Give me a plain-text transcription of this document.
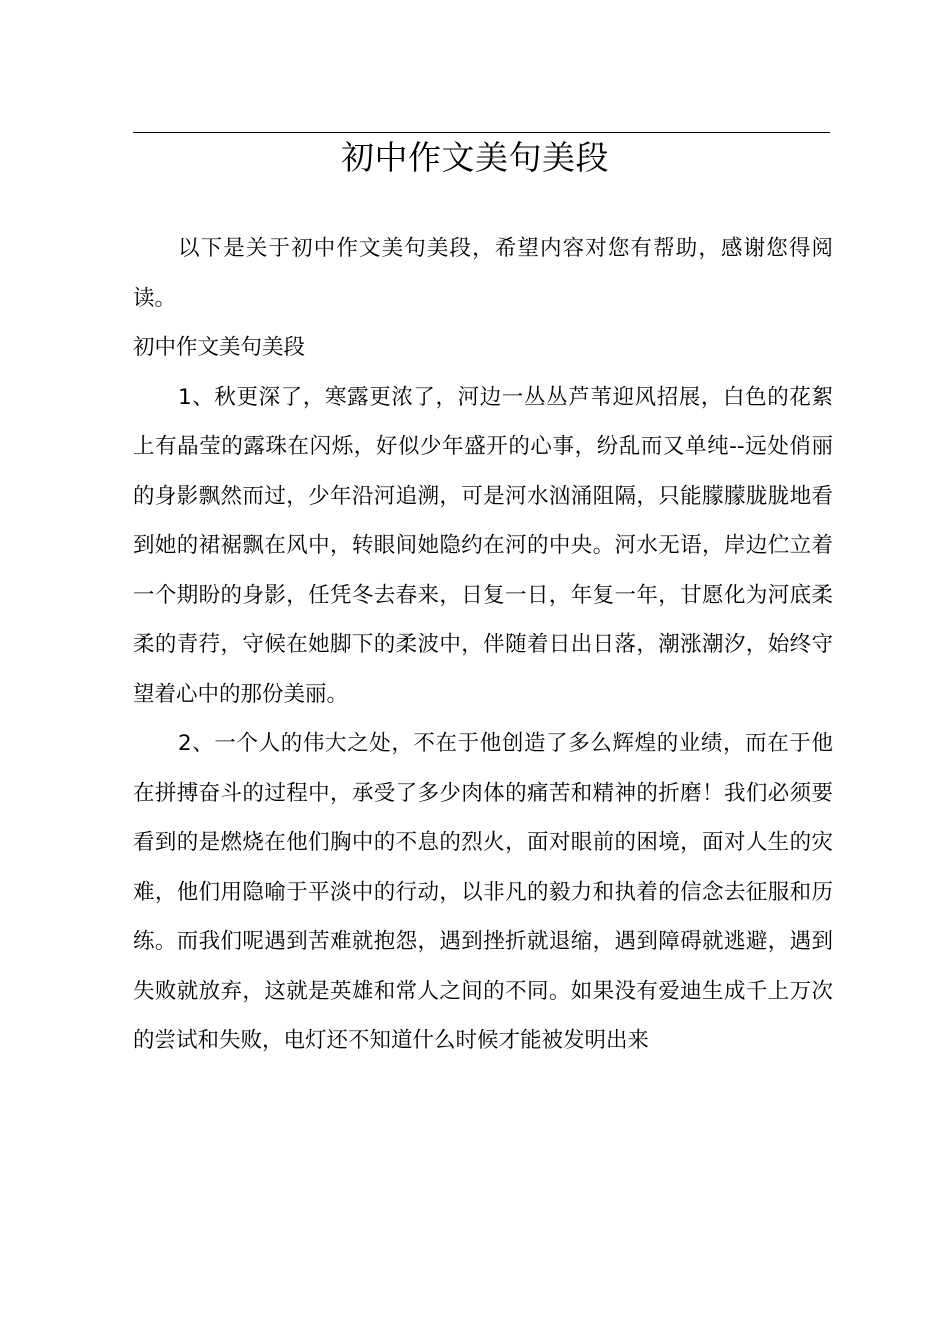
初中作文美句美段

以下是关于初中作文美句美段，希望内容对您有帮助，感谢您得阅读。

初中作文美句美段

1、秋更深了，寒露更浓了，河边一丛丛芦苇迎风招展，白色的花絮上有晶莹的露珠在闪烁，好似少年盛开的心事，纷乱而又单纯--远处俏丽的身影飘然而过，少年沿河追溯，可是河水汹涌阻隔，只能朦朦胧胧地看到她的裙裾飘在风中，转眼间她隐约在河的中央。河水无语，岸边伫立着一个期盼的身影，任凭冬去春来，日复一日，年复一年，甘愿化为河底柔柔的青荇，守候在她脚下的柔波中，伴随着日出日落，潮涨潮汐，始终守望着心中的那份美丽。

2、一个人的伟大之处，不在于他创造了多么辉煌的业绩，而在于他在拼搏奋斗的过程中，承受了多少肉体的痛苦和精神的折磨！我们必须要看到的是燃烧在他们胸中的不息的烈火，面对眼前的困境，面对人生的灾难，他们用隐喻于平淡中的行动，以非凡的毅力和执着的信念去征服和历练。而我们呢遇到苦难就抱怨，遇到挫折就退缩，遇到障碍就逃避，遇到失败就放弃，这就是英雄和常人之间的不同。如果没有爱迪生成千上万次的尝试和失败，电灯还不知道什么时候才能被发明出来
